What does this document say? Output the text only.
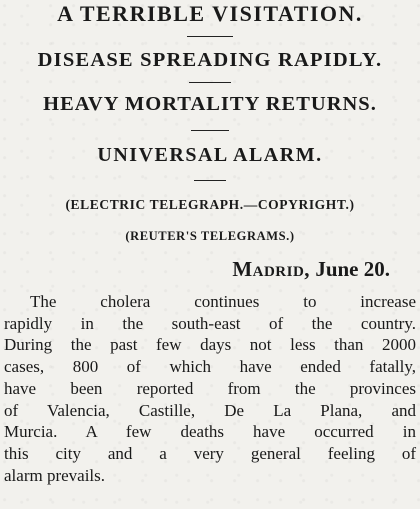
A TERRIBLE VISITATION.
DISEASE SPREADING RAPIDLY.
HEAVY MORTALITY RETURNS.
UNIVERSAL ALARM.
(ELECTRIC TELEGRAPH.—COPYRIGHT.)
(REUTER'S TELEGRAMS.)
Madrid, June 20.
The cholera continues to increase
rapidly in the south-east of the country.
During the past few days not less than 2000
cases, 800 of which have ended fatally,
have been reported from the provinces
of Valencia, Castille, De La Plana, and
Murcia. A few deaths have occurred in
this city and a very general feeling of
alarm prevails.
